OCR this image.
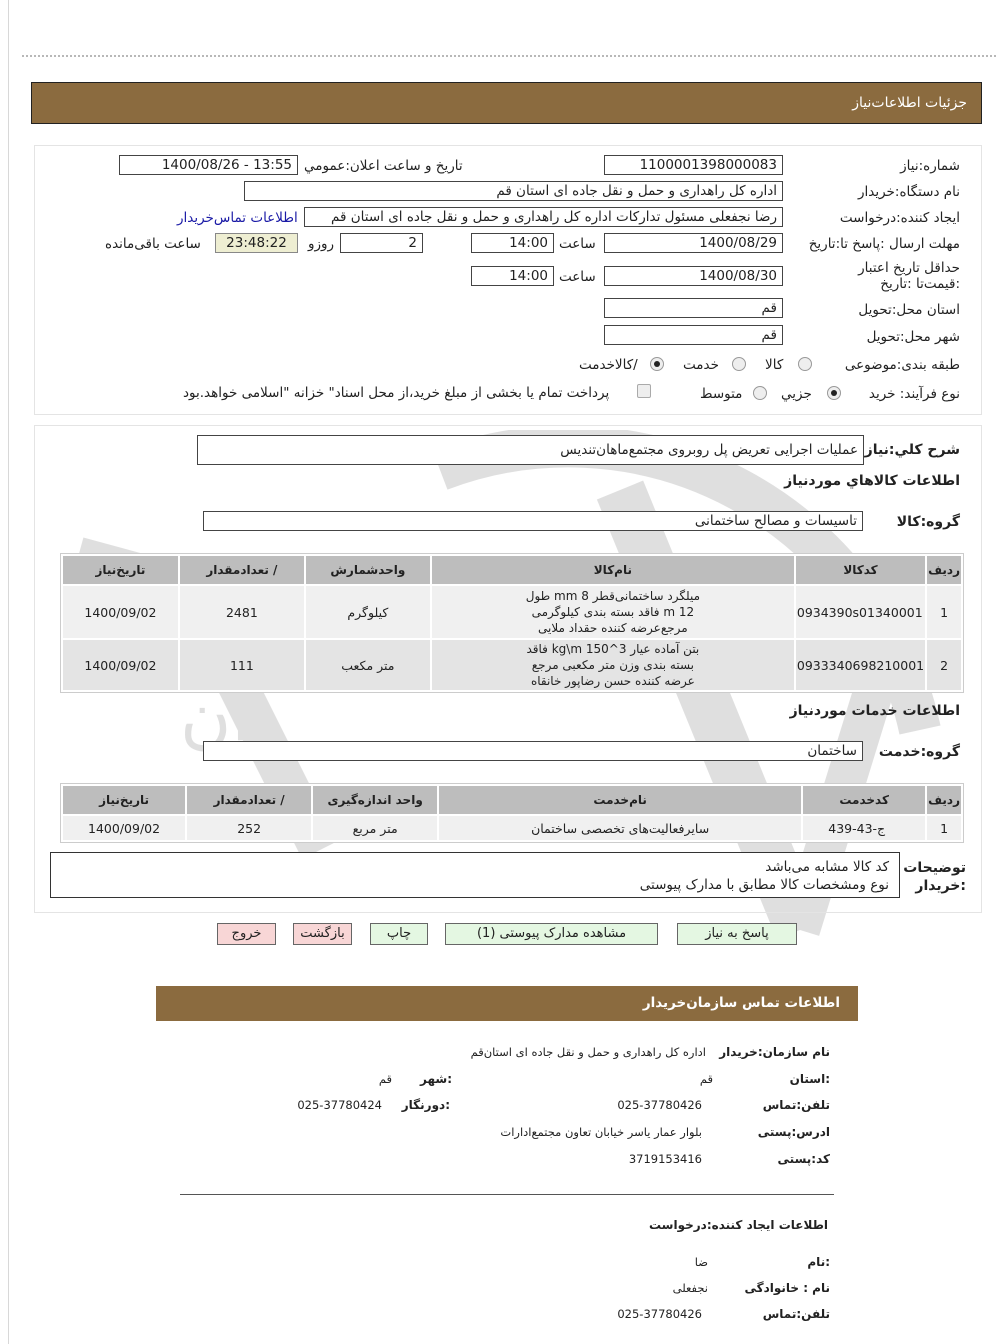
جزئیات اطلاعات‌نیاز
ان
شماره:نیاز
1100001398000083
تاریخ و ساعت اعلان:عمومي
1400/08/26 - 13:55
نام دستگاه:خریدار
اداره کل راهداری و حمل و نقل جاده ای استان قم
ایجاد کننده:درخواست
رضا نجفعلی مسئول تدارکات اداره کل راهداری و حمل و نقل جاده ای استان قم
اطلاعات تماس‌خریدار
مهلت ارسال :پاسخ تا:تاریخ
1400/08/29
ساعت
14:00
2
روزو
23:48:22
ساعت باقی‌مانده
حداقل تاریخ اعتبار :قیمت‌تا :تاریخ
1400/08/30
ساعت
14:00
استان محل:تحویل
قم
شهر محل:تحویل
قم
طبقه بندی:موضوعی
کالا
خدمت
/کالاخدمت
نوع فرآیند: خرید
جزيي
متوسط
پرداخت تمام یا بخشی از مبلغ خرید،از محل اسناد" خزانه "اسلامی خواهد.بود
شرح کلي:نیاز
عملیات اجرایی تعریض پل روبروی مجتمع‌ماهان‌تندیس
اطلاعات کالاهاي موردنیاز
گروه:کالا
تاسیسات و مصالح ساختمانی
ردیف	کدکالا	نام‌کالا	واحدشمارش	/ تعدادمقدار	تاریخ‌نیاز
1	0934390s01340001	میلگرد ساختمانی‌قطر 8 mm طول 12 m فاقد بسته بندی کیلوگرمی مرجع‌عرضه کننده حقداد ملایی	کیلوگرم	2481	1400/09/02
2	0933340698210001	بتن آماده عیار 3^150 kg\m فاقد بسته بندی وزن متر مکعبی مرجع عرضه کننده حسن رضاپور خانقاه	متر مکعب	111	1400/09/02
اطلاعات خدمات موردنیاز
گروه:خدمت
ساختمان
ردیف	کدخدمت	نام‌خدمت	واحد اندازه‌گیری	/ تعدادمقدار	تاریخ‌نیاز
1	ج-43-439	سایرفعالیت‌های تخصصی ساختمان	متر مربع	252	1400/09/02
توضیحات
:خریدار
کد کالا مشابه می‌باشد
نوع ومشخصات کالا مطابق با مدارک پیوستی
پاسخ به نیاز
مشاهده مدارک پیوستی (1)
چاپ
بازگشت
خروج
اطلاعات تماس سازمان‌خریدار
نام سازمان:خریدار
اداره کل راهداری و حمل و نقل جاده ای استان‌قم
:استان
قم
:شهر
قم
تلفن:تماس
025-37780426
:دورنگار
025-37780424
ادرس:پستی
بلوار عمار یاسر خیابان تعاون مجتمع‌ادارات
کد:پستی
3719153416
اطلاعات ایجاد کننده:درخواست
:نام
ضا
نام : خانوادگی
نجفعلی
تلفن:تماس
025-37780426
